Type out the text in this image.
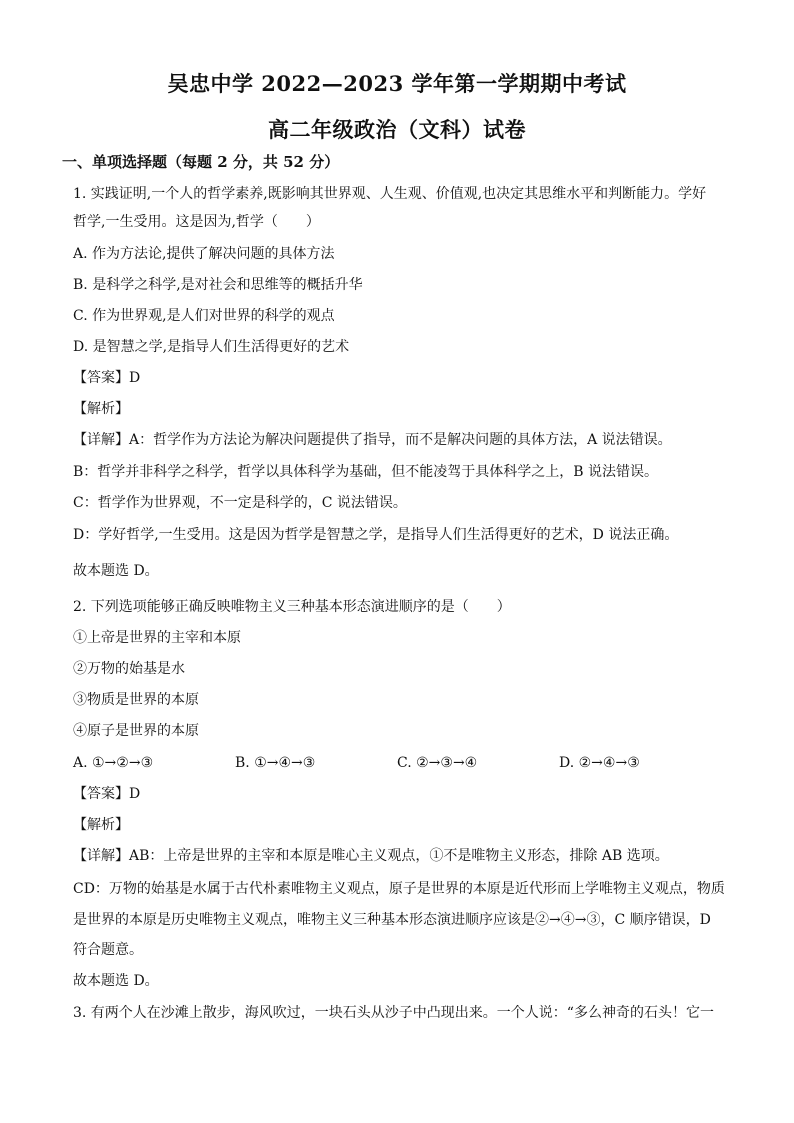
吴忠中学 2022—2023 学年第一学期期中考试
高二年级政治（文科）试卷
一、单项选择题（每题 2 分，共 52 分）
1. 实践证明,一个人的哲学素养,既影响其世界观、人生观、价值观,也决定其思维水平和判断能力。学好
哲学,一生受用。这是因为,哲学（　　）
A. 作为方法论,提供了解决问题的具体方法
B. 是科学之科学,是对社会和思维等的概括升华
C. 作为世界观,是人们对世界的科学的观点
D. 是智慧之学,是指导人们生活得更好的艺术
【答案】D
【解析】
【详解】A：哲学作为方法论为解决问题提供了指导，而不是解决问题的具体方法，A 说法错误。
B：哲学并非科学之科学，哲学以具体科学为基础，但不能凌驾于具体科学之上，B 说法错误。
C：哲学作为世界观，不一定是科学的，C 说法错误。
D：学好哲学,一生受用。这是因为哲学是智慧之学，是指导人们生活得更好的艺术，D 说法正确。
故本题选 D。
2. 下列选项能够正确反映唯物主义三种基本形态演进顺序的是（　　）
①上帝是世界的主宰和本原
②万物的始基是水
③物质是世界的本原
④原子是世界的本原
A. ①→②→③	B. ①→④→③	C. ②→③→④	D. ②→④→③
【答案】D
【解析】
【详解】AB：上帝是世界的主宰和本原是唯心主义观点，①不是唯物主义形态，排除 AB 选项。
CD：万物的始基是水属于古代朴素唯物主义观点，原子是世界的本原是近代形而上学唯物主义观点，物质
是世界的本原是历史唯物主义观点，唯物主义三种基本形态演进顺序应该是②→④→③，C 顺序错误，D
符合题意。
故本题选 D。
3. 有两个人在沙滩上散步，海风吹过，一块石头从沙子中凸现出来。一个人说：“多么神奇的石头！它一
